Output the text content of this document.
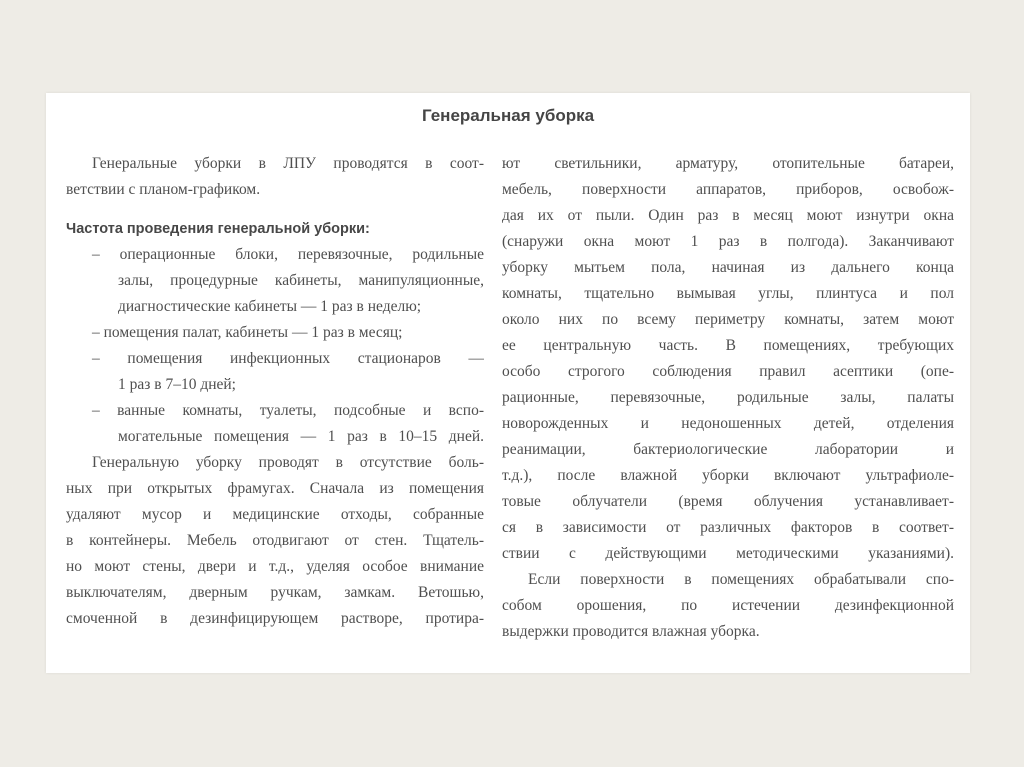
Генеральная уборка
Генеральные уборки в ЛПУ проводятся в соот-
ветствии с планом-графиком.
Частота проведения генеральной уборки:
– операционные блоки, перевязочные, родильные
залы, процедурные кабинеты, манипуляционные,
диагностические кабинеты — 1 раз в неделю;
– помещения палат, кабинеты — 1 раз в месяц;
– помещения инфекционных стационаров —
1 раз в 7–10 дней;
– ванные комнаты, туалеты, подсобные и вспо-
могательные помещения — 1 раз в 10–15 дней.
Генеральную уборку проводят в отсутствие боль-
ных при открытых фрамугах. Сначала из помещения
удаляют мусор и медицинские отходы, собранные
в контейнеры. Мебель отодвигают от стен. Тщатель-
но моют стены, двери и т.д., уделяя особое внимание
выключателям, дверным ручкам, замкам. Ветошью,
смоченной в дезинфицирующем растворе, протира-
ют светильники, арматуру, отопительные батареи,
мебель, поверхности аппаратов, приборов, освобож-
дая их от пыли. Один раз в месяц моют изнутри окна
(снаружи окна моют 1 раз в полгода). Заканчивают
уборку мытьем пола, начиная из дальнего конца
комнаты, тщательно вымывая углы, плинтуса и пол
около них по всему периметру комнаты, затем моют
ее центральную часть. В помещениях, требующих
особо строгого соблюдения правил асептики (опе-
рационные, перевязочные, родильные залы, палаты
новорожденных и недоношенных детей, отделения
реанимации, бактериологические лаборатории и
т.д.), после влажной уборки включают ультрафиоле-
товые облучатели (время облучения устанавливает-
ся в зависимости от различных факторов в соответ-
ствии с действующими методическими указаниями).
Если поверхности в помещениях обрабатывали спо-
собом орошения, по истечении дезинфекционной
выдержки проводится влажная уборка.
